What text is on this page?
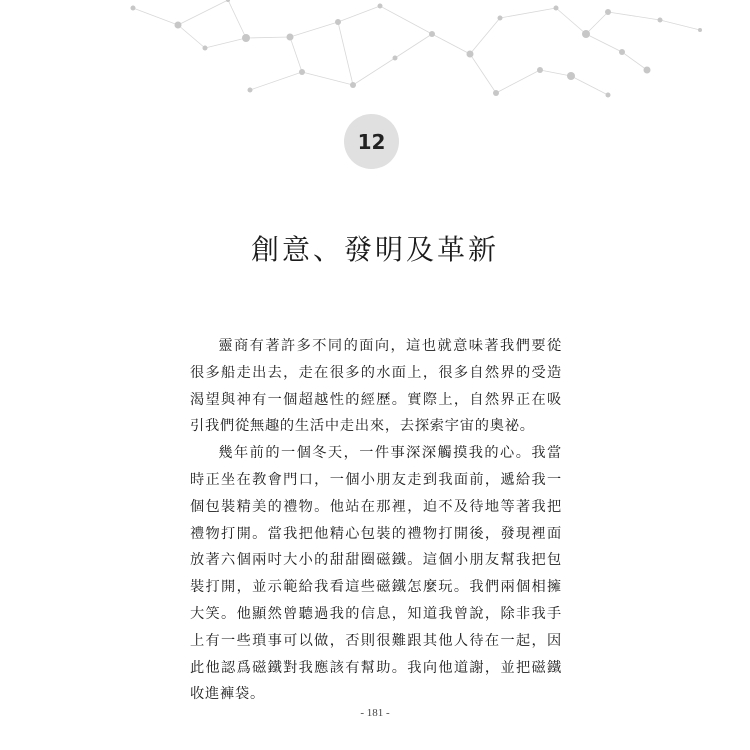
12
創意、發明及革新

靈商有著許多不同的面向，這也就意味著我們要從很多船走出去，走在很多的水面上，很多自然界的受造渴望與神有一個超越性的經歷。實際上，自然界正在吸引我們從無趣的生活中走出來，去探索宇宙的奧祕。

幾年前的一個冬天，一件事深深觸摸我的心。我當時正坐在教會門口，一個小朋友走到我面前，遞給我一個包裝精美的禮物。他站在那裡，迫不及待地等著我把禮物打開。當我把他精心包裝的禮物打開後，發現裡面放著六個兩吋大小的甜甜圈磁鐵。這個小朋友幫我把包裝打開，並示範給我看這些磁鐵怎麼玩。我們兩個相擁大笑。他顯然曾聽過我的信息，知道我曾說，除非我手上有一些瑣事可以做，否則很難跟其他人待在一起，因此他認爲磁鐵對我應該有幫助。我向他道謝，並把磁鐵收進褲袋。

- 181 -
